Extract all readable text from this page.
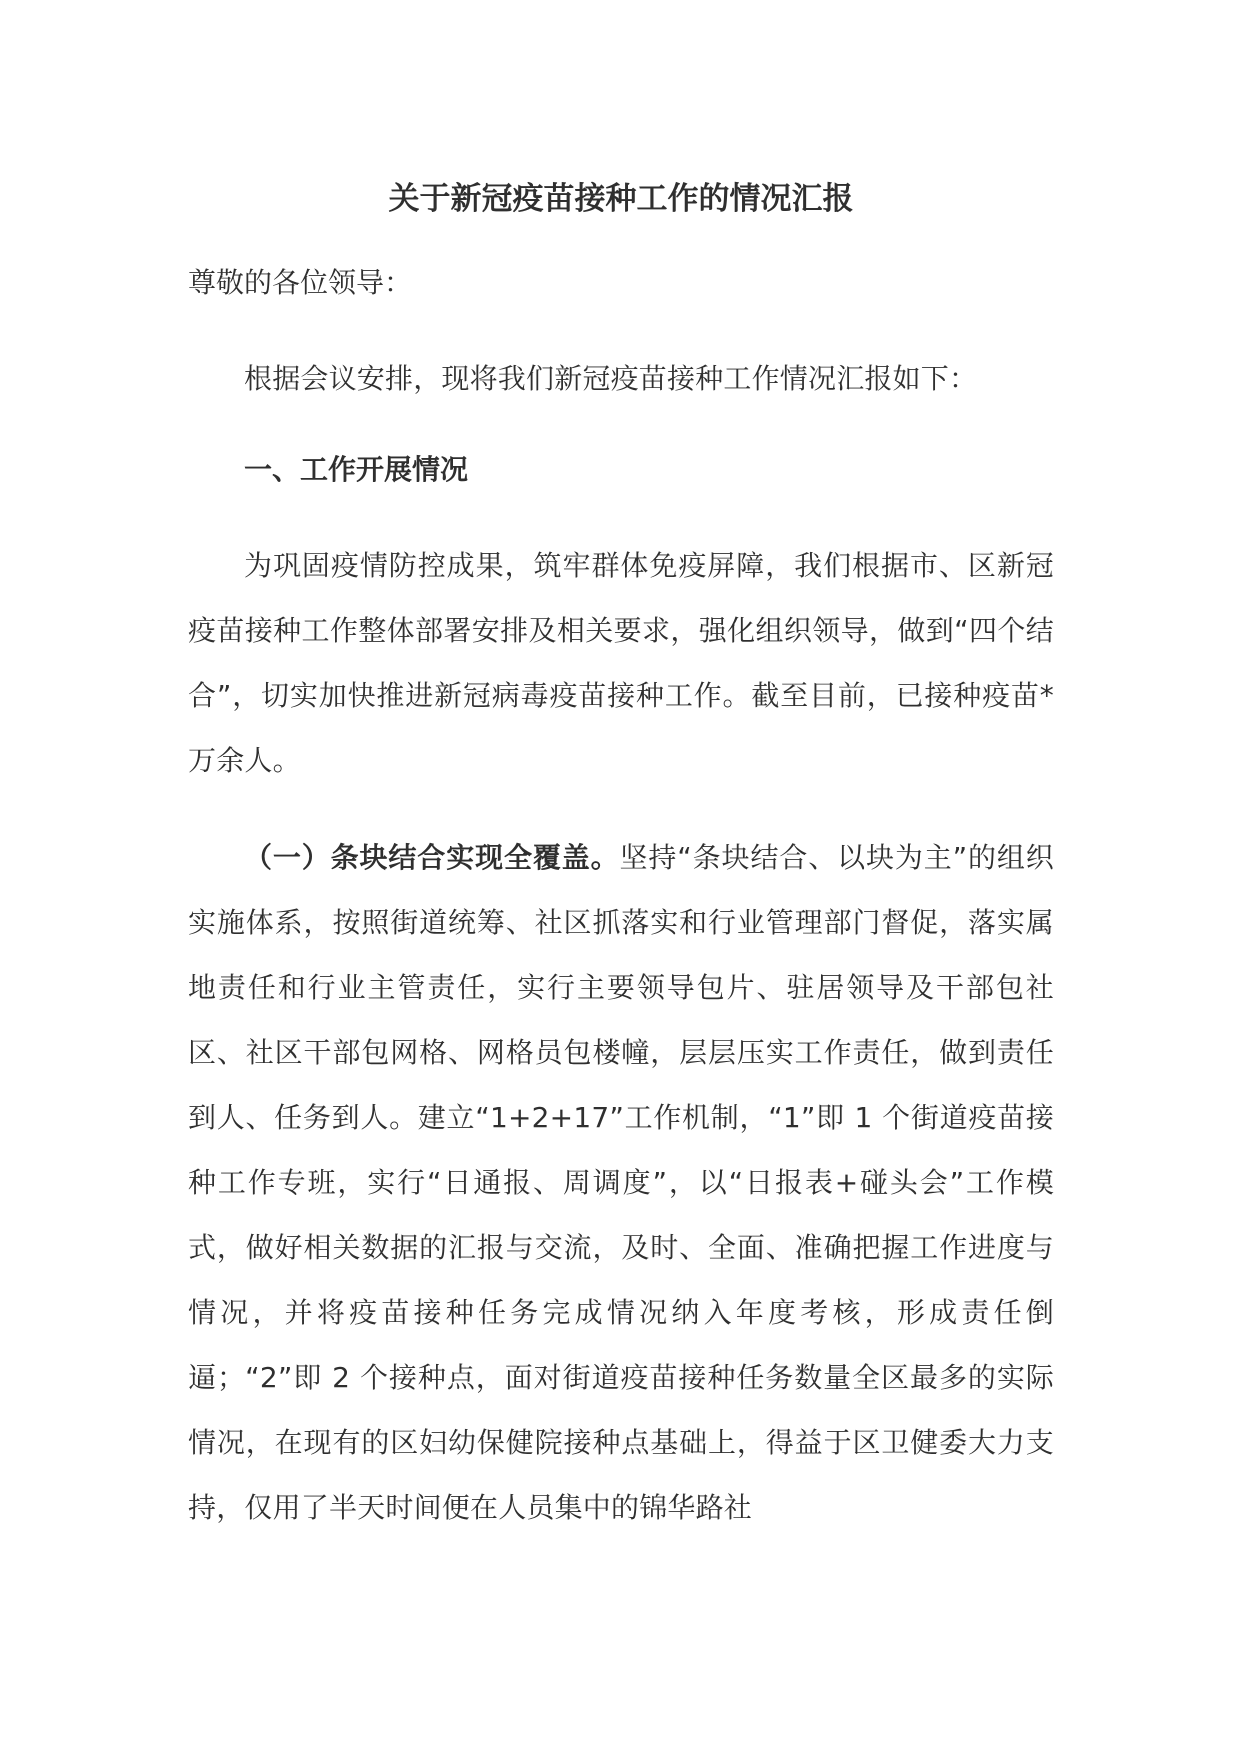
关于新冠疫苗接种工作的情况汇报

尊敬的各位领导：

根据会议安排，现将我们新冠疫苗接种工作情况汇报如下：

一、工作开展情况

为巩固疫情防控成果，筑牢群体免疫屏障，我们根据市、区新冠疫苗接种工作整体部署安排及相关要求，强化组织领导，做到“四个结合”，切实加快推进新冠病毒疫苗接种工作。截至目前，已接种疫苗*万余人。

（一）条块结合实现全覆盖。坚持“条块结合、以块为主”的组织实施体系，按照街道统筹、社区抓落实和行业管理部门督促，落实属地责任和行业主管责任，实行主要领导包片、驻居领导及干部包社区、社区干部包网格、网格员包楼幢，层层压实工作责任，做到责任到人、任务到人。建立“1+2+17”工作机制，“1”即 1 个街道疫苗接种工作专班，实行“日通报、周调度”，以“日报表+碰头会”工作模式，做好相关数据的汇报与交流，及时、全面、准确把握工作进度与情况，并将疫苗接种任务完成情况纳入年度考核，形成责任倒逼；“2”即 2 个接种点，面对街道疫苗接种任务数量全区最多的实际情况，在现有的区妇幼保健院接种点基础上，得益于区卫健委大力支持，仅用了半天时间便在人员集中的锦华路社
